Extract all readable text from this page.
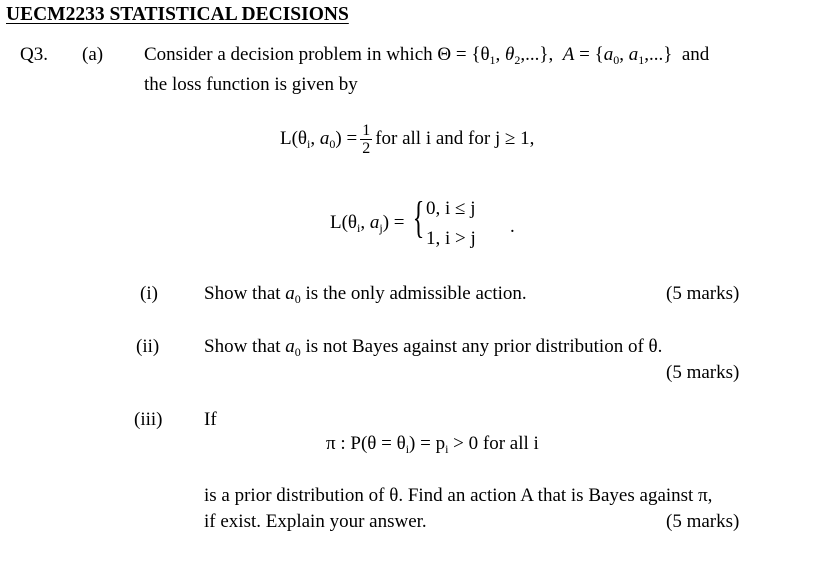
UECM2233 STATISTICAL DECISIONS
Q3. (a) Consider a decision problem in which $\Theta = \{\theta_1$, $\theta_2$,...},  $A = \{a_0$, $a_1$,...}  and
the loss function is given by
$L(\theta_i$, $a_0) = \frac{1}{2}$ for all i and for j ≥ 1,
$L(\theta_i$, $a_j$) = { 0, i ≤ j
1, i > j
.
(i) Show that $a_0$ is the only admissible action.	(5 marks)
(ii) Show that $a_0$ is not Bayes against any prior distribution of θ.
(5 marks)
(iii) If
π : $P(\theta = \theta_i) = p_i > 0$ for all i
is a prior distribution of θ. Find an action A that is Bayes against π,
if exist. Explain your answer.	(5 marks)
